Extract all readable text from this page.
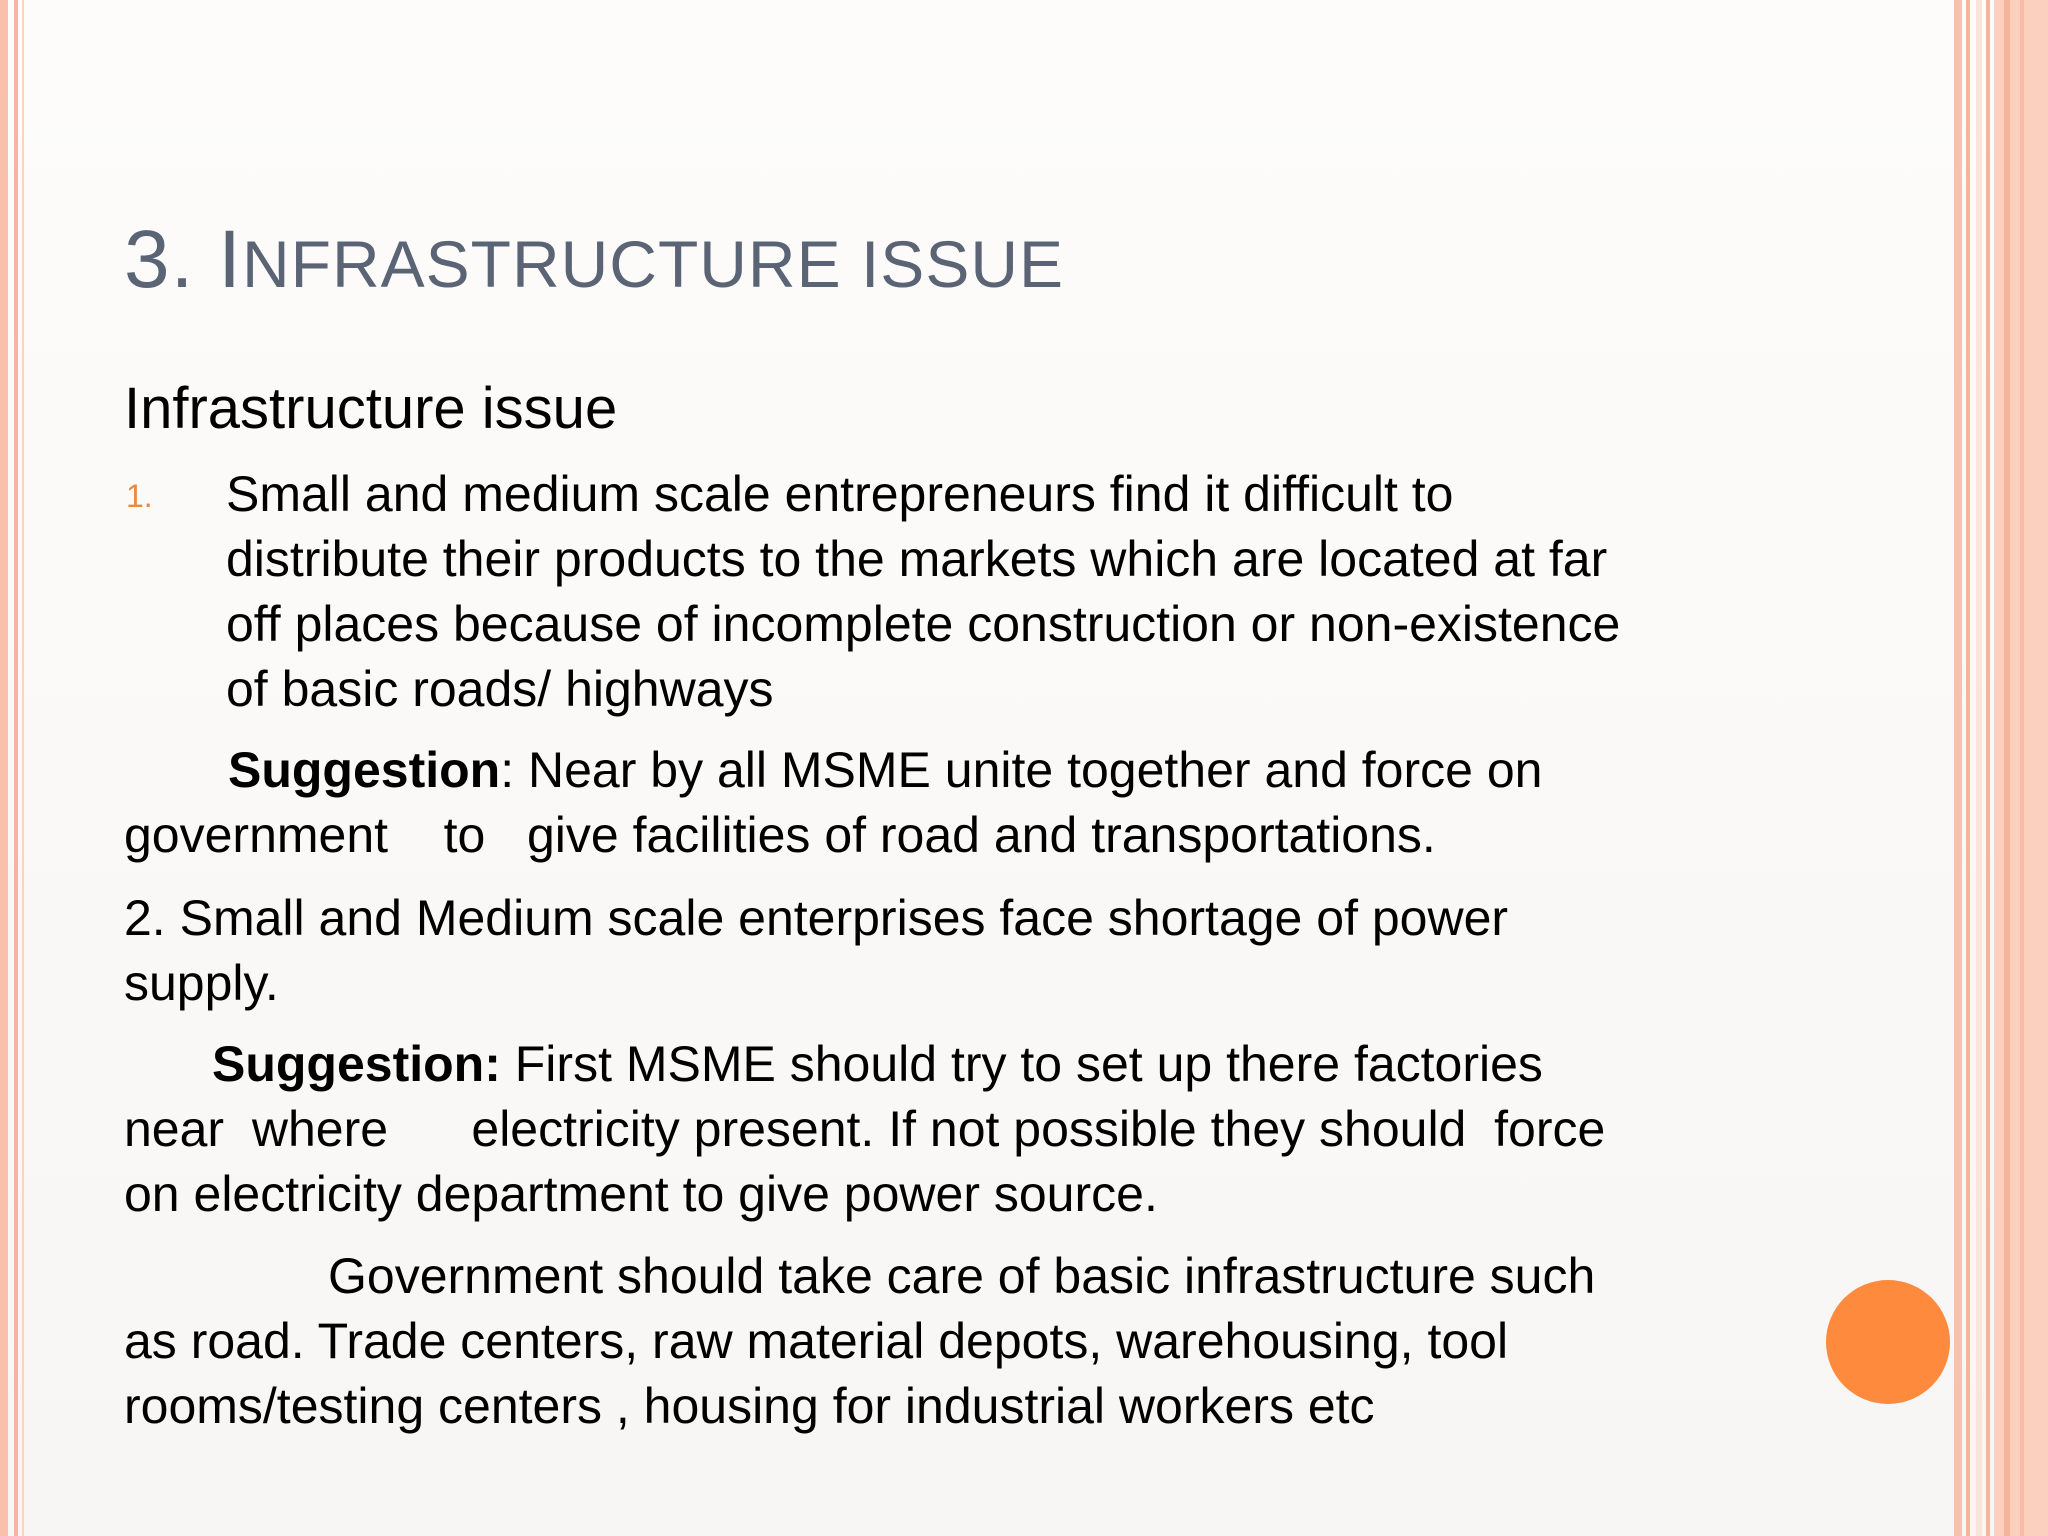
3. INFRASTRUCTURE ISSUE
Infrastructure issue
1. Small and medium scale entrepreneurs find it difficult to
distribute their products to the markets which are located at far
off places because of incomplete construction or non-existence
of basic roads/ highways
Suggestion: Near by all MSME unite together and force on
government    to   give facilities of road and transportations.
2. Small and Medium scale enterprises face shortage of power
supply.
Suggestion: First MSME should try to set up there factories
near  where      electricity present. If not possible they should  force
on electricity department to give power source.
Government should take care of basic infrastructure such
as road. Trade centers, raw material depots, warehousing, tool
rooms/testing centers , housing for industrial workers etc
